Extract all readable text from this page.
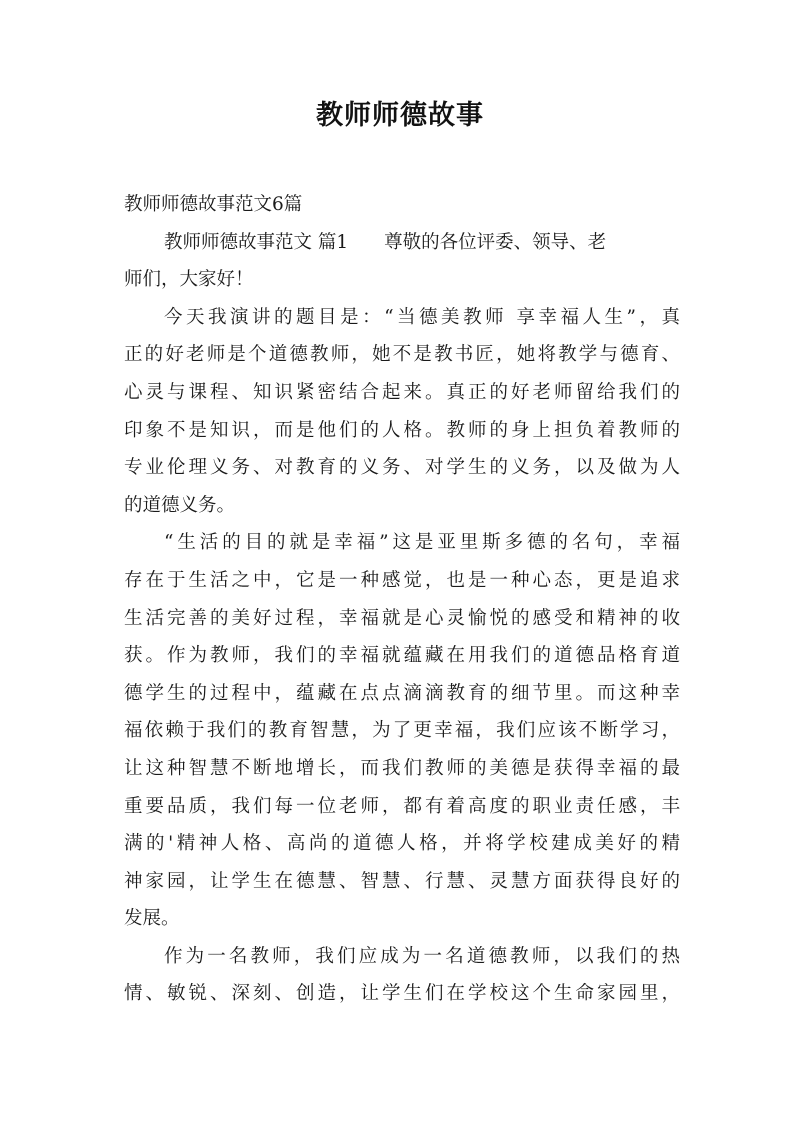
教师师德故事
教师师德故事范文6篇
教师师德故事范文 篇1 尊敬的各位评委、领导、老
师们，大家好！
今天我演讲的题目是：“当德美教师 享幸福人生”，真
正的好老师是个道德教师，她不是教书匠，她将教学与德育、
心灵与课程、知识紧密结合起来。真正的好老师留给我们的
印象不是知识，而是他们的人格。教师的身上担负着教师的
专业伦理义务、对教育的义务、对学生的义务，以及做为人
的道德义务。
“生活的目的就是幸福”这是亚里斯多德的名句，幸福
存在于生活之中，它是一种感觉，也是一种心态，更是追求
生活完善的美好过程，幸福就是心灵愉悦的感受和精神的收
获。作为教师，我们的幸福就蕴藏在用我们的道德品格育道
德学生的过程中，蕴藏在点点滴滴教育的细节里。而这种幸
福依赖于我们的教育智慧，为了更幸福，我们应该不断学习，
让这种智慧不断地增长，而我们教师的美德是获得幸福的最
重要品质，我们每一位老师，都有着高度的职业责任感，丰
满的'精神人格、高尚的道德人格，并将学校建成美好的精
神家园，让学生在德慧、智慧、行慧、灵慧方面获得良好的
发展。
作为一名教师，我们应成为一名道德教师，以我们的热
情、敏锐、深刻、创造，让学生们在学校这个生命家园里，
